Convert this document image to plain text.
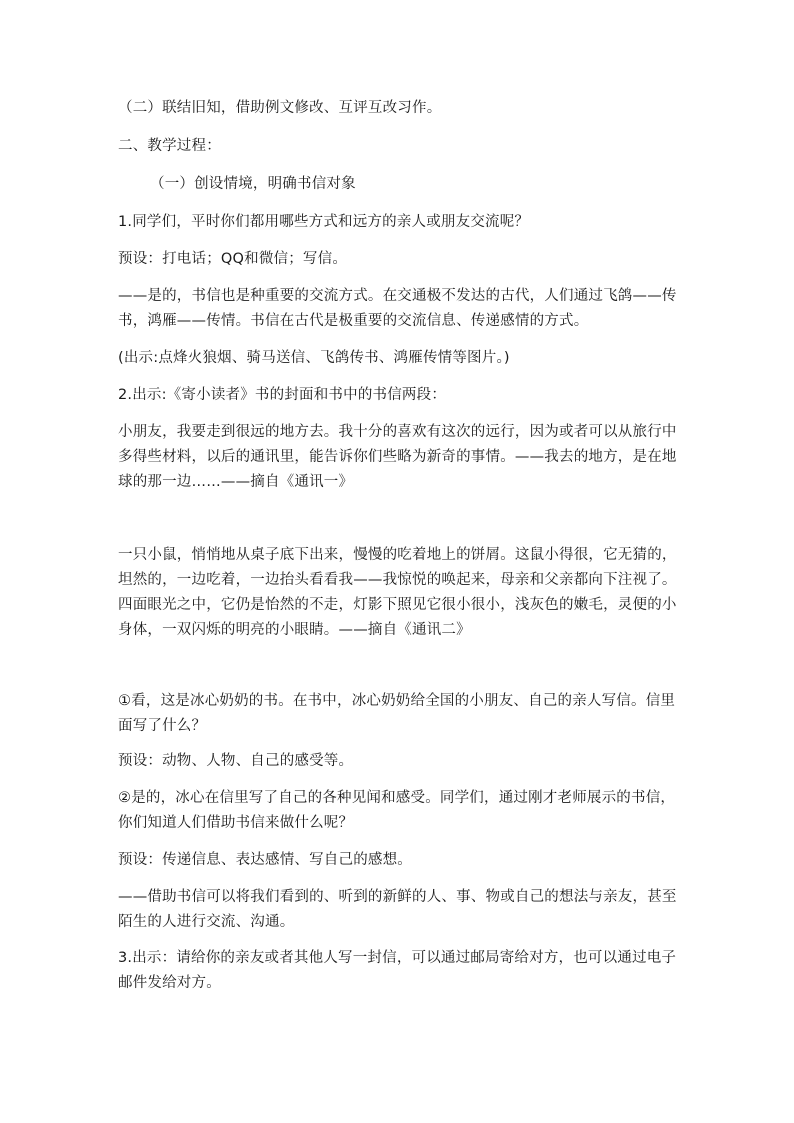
（二）联结旧知，借助例文修改、互评互改习作。

二、教学过程：

（一）创设情境，明确书信对象

1.同学们，平时你们都用哪些方式和远方的亲人或朋友交流呢？

预设：打电话；QQ和微信；写信。

——是的，书信也是种重要的交流方式。在交通极不发达的古代，人们通过飞鸽——传书，鸿雁——传情。书信在古代是极重要的交流信息、传递感情的方式。

(出示:点烽火狼烟、骑马送信、飞鸽传书、鸿雁传情等图片。)

2.出示:《寄小读者》书的封面和书中的书信两段：

小朋友，我要走到很远的地方去。我十分的喜欢有这次的远行，因为或者可以从旅行中多得些材料，以后的通讯里，能告诉你们些略为新奇的事情。——我去的地方，是在地球的那一边……——摘自《通讯一》

一只小鼠，悄悄地从桌子底下出来，慢慢的吃着地上的饼屑。这鼠小得很，它无猜的，坦然的，一边吃着，一边抬头看看我——我惊悦的唤起来，母亲和父亲都向下注视了。四面眼光之中，它仍是怡然的不走，灯影下照见它很小很小，浅灰色的嫩毛，灵便的小身体，一双闪烁的明亮的小眼睛。——摘自《通讯二》

①看，这是冰心奶奶的书。在书中，冰心奶奶给全国的小朋友、自己的亲人写信。信里面写了什么？

预设：动物、人物、自己的感受等。

②是的，冰心在信里写了自己的各种见闻和感受。同学们，通过刚才老师展示的书信，你们知道人们借助书信来做什么呢？

预设：传递信息、表达感情、写自己的感想。

——借助书信可以将我们看到的、听到的新鲜的人、事、物或自己的想法与亲友，甚至陌生的人进行交流、沟通。

3.出示：请给你的亲友或者其他人写一封信，可以通过邮局寄给对方，也可以通过电子邮件发给对方。
